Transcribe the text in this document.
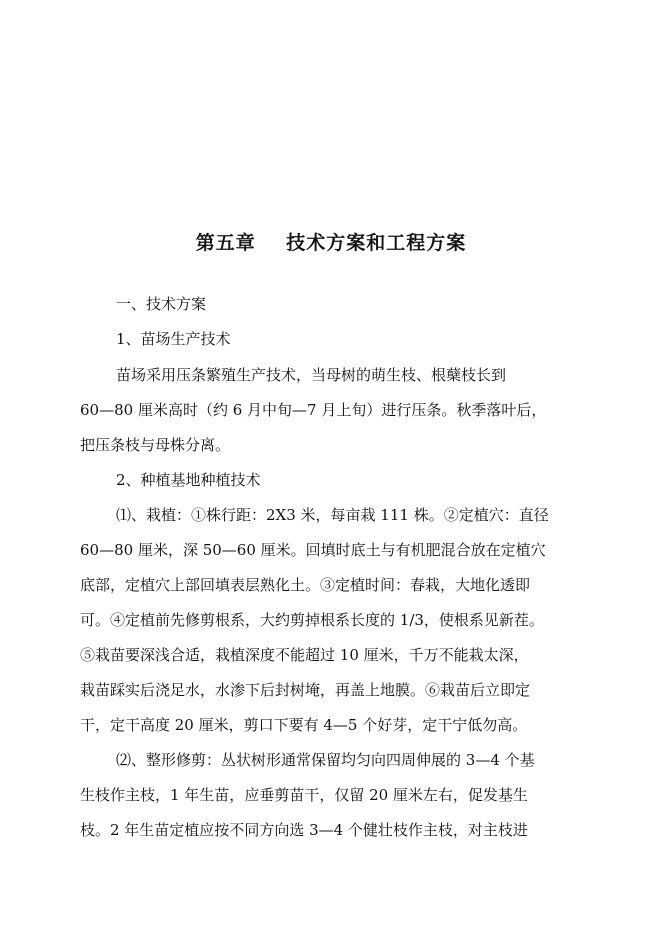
第五章    技术方案和工程方案
一、技术方案
1、苗场生产技术
苗场采用压条繁殖生产技术，当母树的萌生枝、根蘖枝长到
60—80 厘米高时（约 6 月中旬—7 月上旬）进行压条。秋季落叶后，
把压条枝与母株分离。
2、种植基地种植技术
⑴、栽植：①株行距：2X3 米，每亩栽 111 株。②定植穴：直径
60—80 厘米，深 50—60 厘米。回填时底土与有机肥混合放在定植穴
底部，定植穴上部回填表层熟化土。③定植时间：春栽，大地化透即
可。④定植前先修剪根系，大约剪掉根系长度的 1/3，使根系见新茬。
⑤栽苗要深浅合适，栽植深度不能超过 10 厘米，千万不能栽太深，
栽苗踩实后浇足水，水渗下后封树埯，再盖上地膜。⑥栽苗后立即定
干，定干高度 20 厘米，剪口下要有 4—5 个好芽，定干宁低勿高。
⑵、整形修剪：丛状树形通常保留均匀向四周伸展的 3—4 个基
生枝作主枝，1 年生苗，应垂剪苗干，仅留 20 厘米左右，促发基生
枝。2 年生苗定植应按不同方向选 3—4 个健壮枝作主枝，对主枝进
